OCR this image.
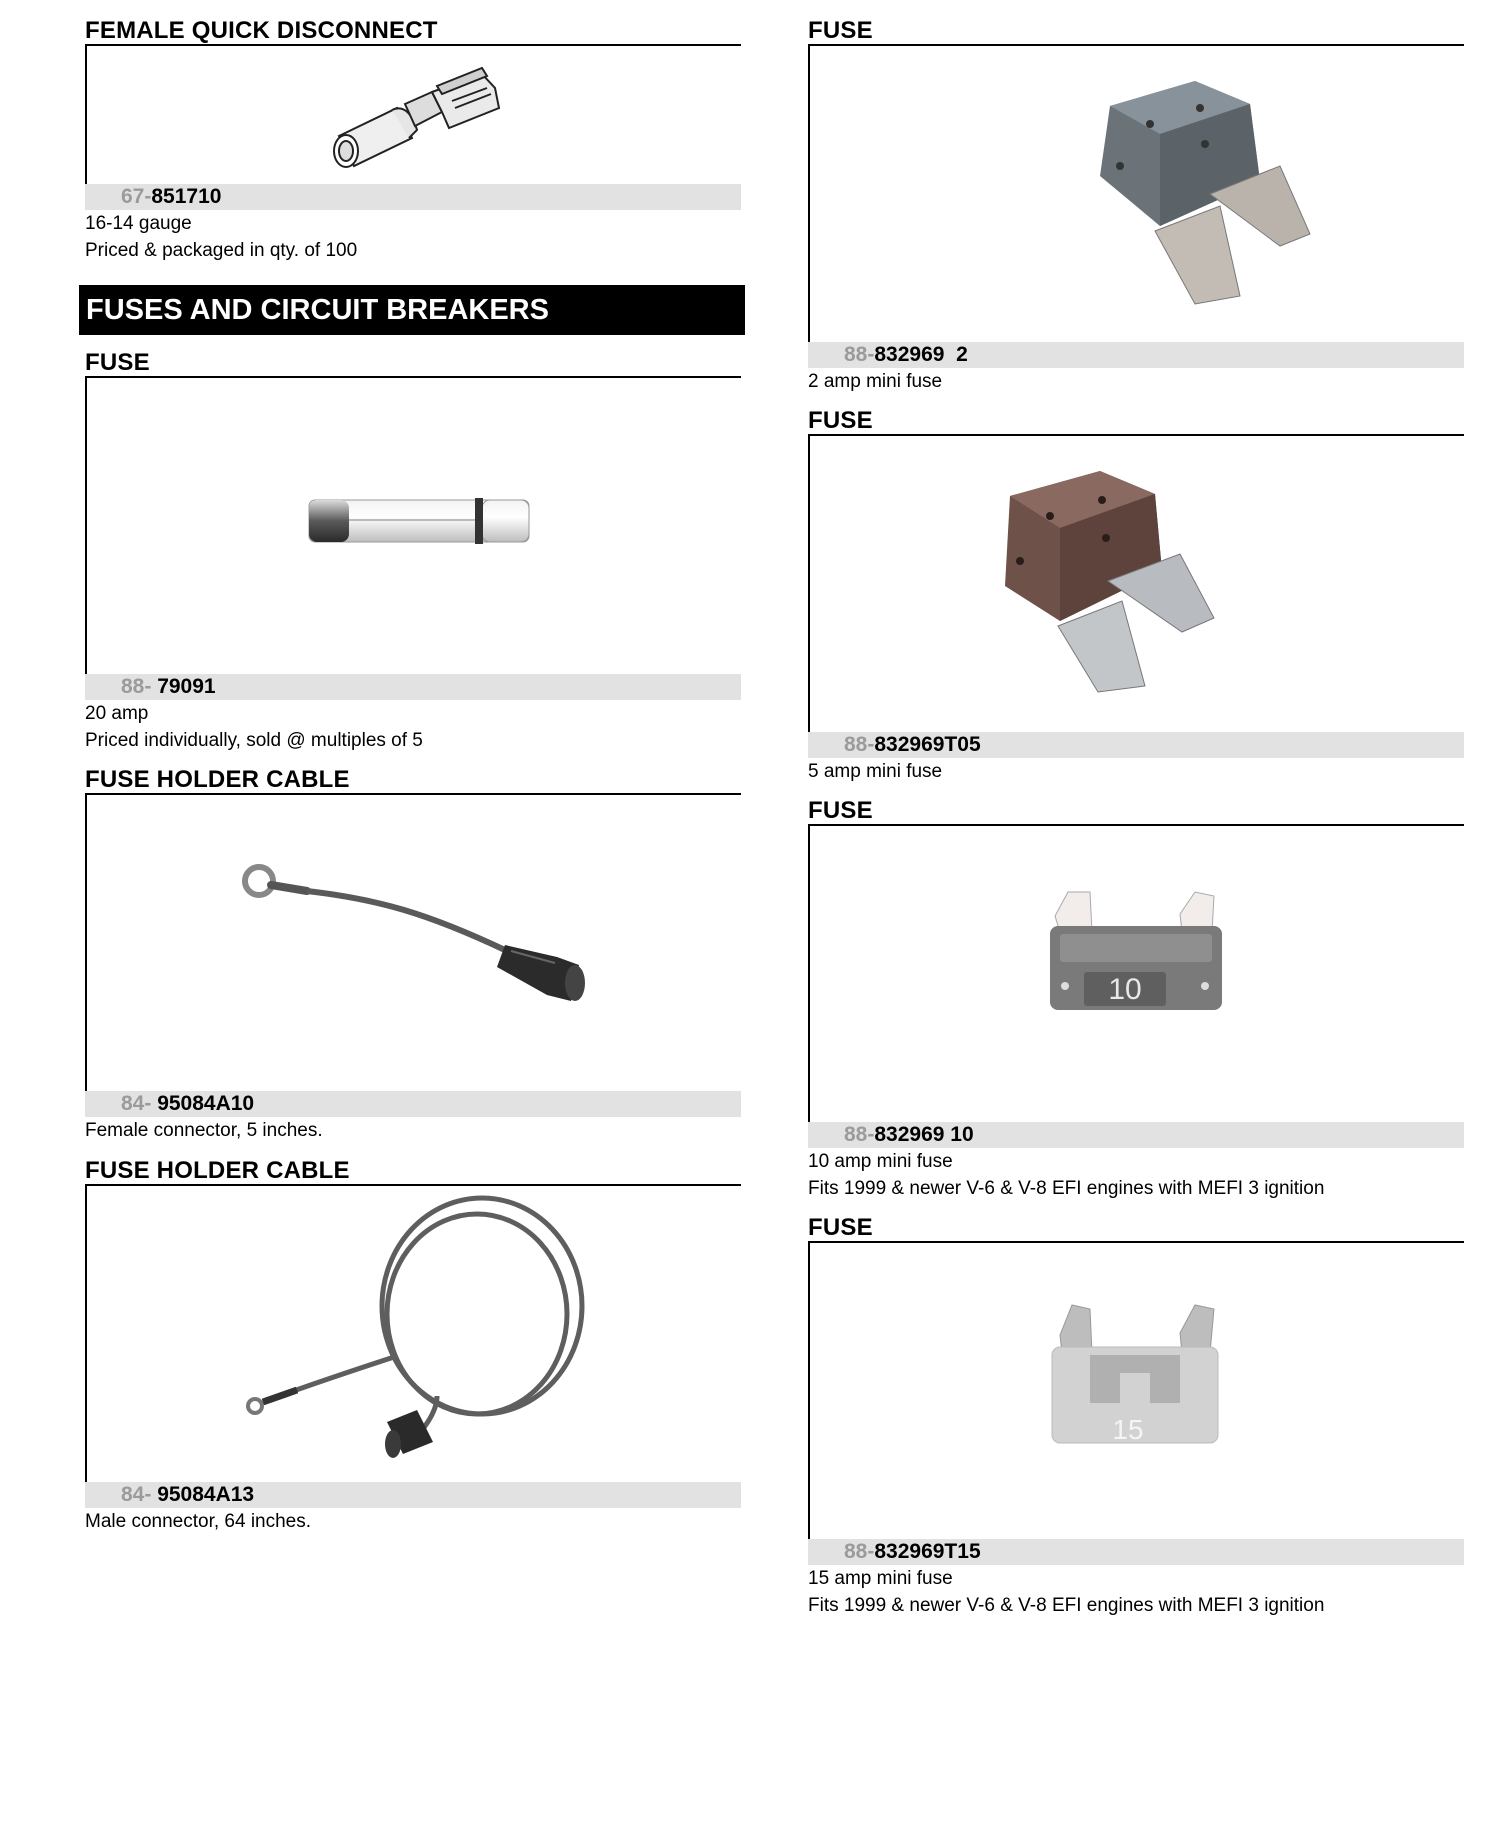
FEMALE QUICK DISCONNECT
67-851710
16-14 gauge
Priced & packaged in qty. of 100
FUSES AND CIRCUIT BREAKERS
FUSE
88- 79091
20 amp
Priced individually, sold @ multiples of 5
FUSE HOLDER CABLE
84- 95084A10
Female connector, 5 inches.
FUSE HOLDER CABLE
84- 95084A13
Male connector, 64 inches.
FUSE
88-832969  2
2 amp mini fuse
FUSE
88-832969T05
5 amp mini fuse
FUSE
10
88-832969 10
10 amp mini fuse
Fits 1999 & newer V-6 & V-8 EFI engines with MEFI 3 ignition
FUSE
15
88-832969T15
15 amp mini fuse
Fits 1999 & newer V-6 & V-8 EFI engines with MEFI 3 ignition
